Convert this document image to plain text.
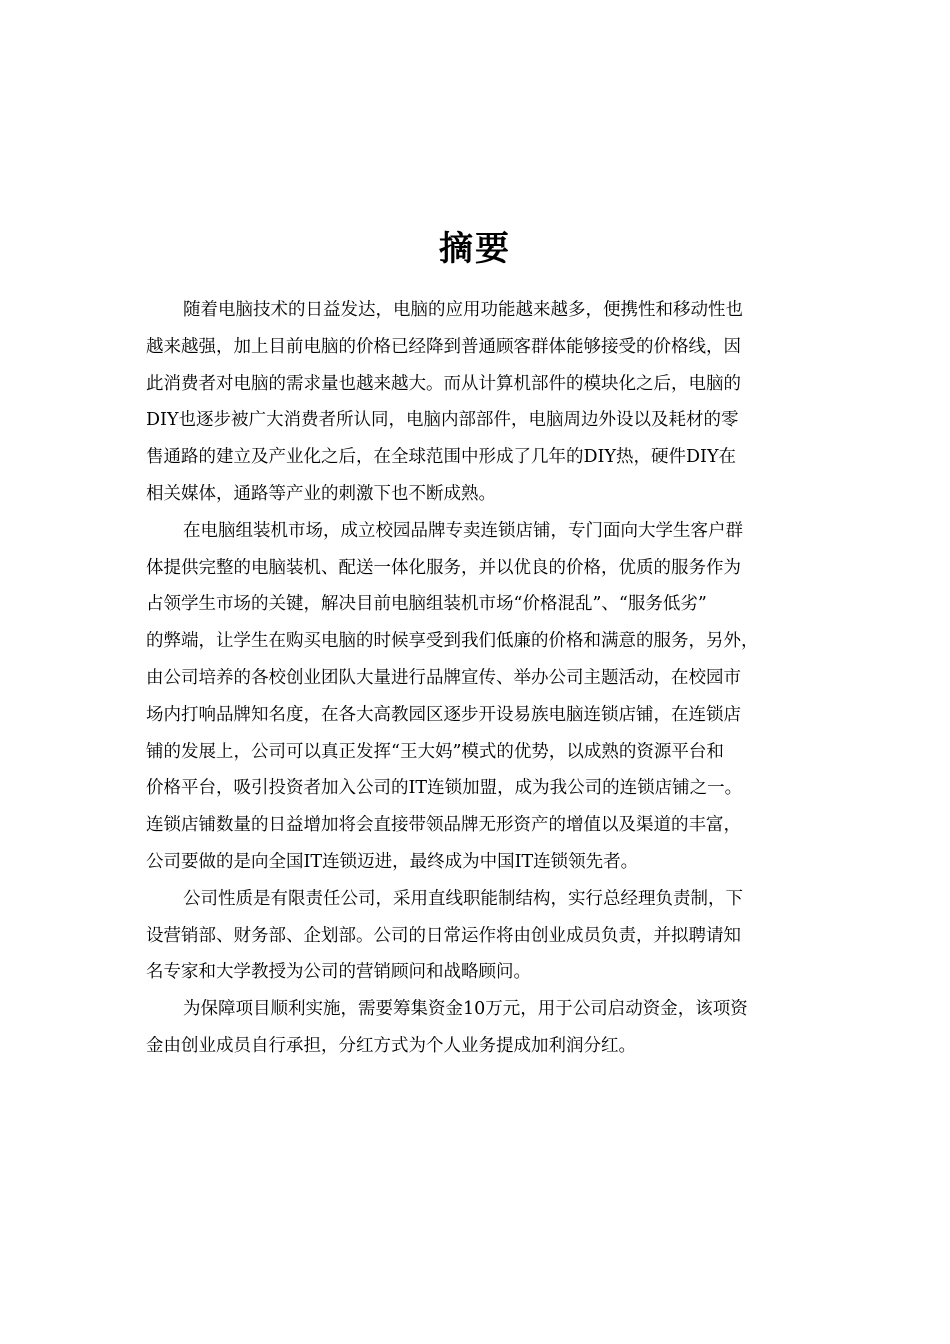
摘要

随着电脑技术的日益发达，电脑的应用功能越来越多，便携性和移动性也
越来越强，加上目前电脑的价格已经降到普通顾客群体能够接受的价格线，因
此消费者对电脑的需求量也越来越大。而从计算机部件的模块化之后，电脑的
DIY也逐步被广大消费者所认同，电脑内部部件，电脑周边外设以及耗材的零
售通路的建立及产业化之后，在全球范围中形成了几年的DIY热，硬件DIY在
相关媒体，通路等产业的刺激下也不断成熟。

在电脑组装机市场，成立校园品牌专卖连锁店铺，专门面向大学生客户群
体提供完整的电脑装机、配送一体化服务，并以优良的价格，优质的服务作为
占领学生市场的关键，解决目前电脑组装机市场“价格混乱”、“服务低劣”
的弊端，让学生在购买电脑的时候享受到我们低廉的价格和满意的服务，另外，
由公司培养的各校创业团队大量进行品牌宣传、举办公司主题活动，在校园市
场内打响品牌知名度，在各大高教园区逐步开设易族电脑连锁店铺，在连锁店
铺的发展上，公司可以真正发挥“王大妈”模式的优势，以成熟的资源平台和
价格平台，吸引投资者加入公司的IT连锁加盟，成为我公司的连锁店铺之一。
连锁店铺数量的日益增加将会直接带领品牌无形资产的增值以及渠道的丰富，
公司要做的是向全国IT连锁迈进，最终成为中国IT连锁领先者。

公司性质是有限责任公司，采用直线职能制结构，实行总经理负责制，下
设营销部、财务部、企划部。公司的日常运作将由创业成员负责，并拟聘请知
名专家和大学教授为公司的营销顾问和战略顾问。

为保障项目顺利实施，需要筹集资金10万元，用于公司启动资金，该项资
金由创业成员自行承担，分红方式为个人业务提成加利润分红。
